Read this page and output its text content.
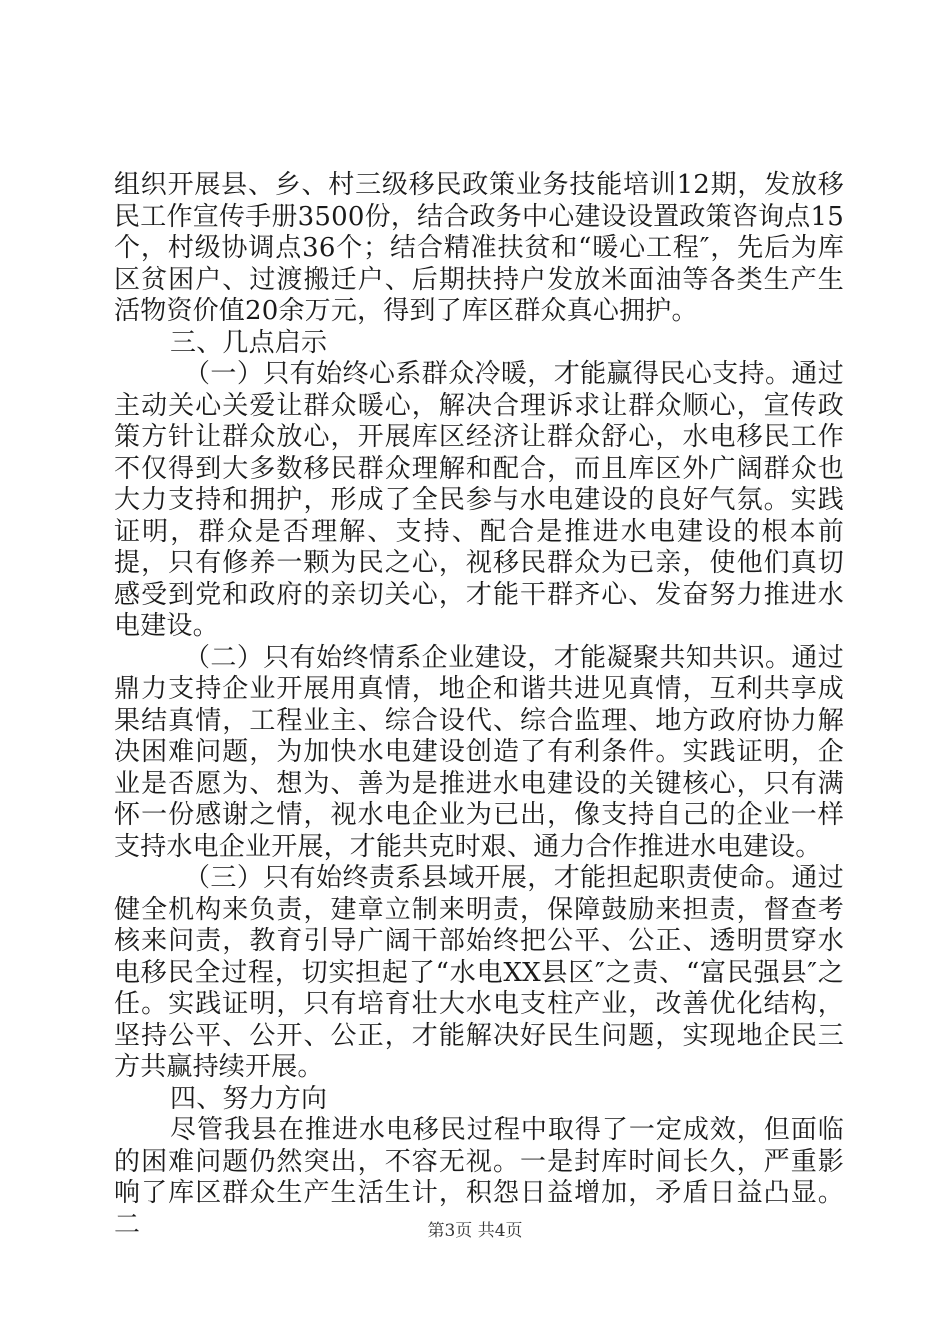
组织开展县、乡、村三级移民政策业务技能培训12期，发放移民工作宣传手册3500份，结合政务中心建设设置政策咨询点15个，村级协调点36个；结合精准扶贫和“暖心工程″，先后为库区贫困户、过渡搬迁户、后期扶持户发放米面油等各类生产生活物资价值20余万元，得到了库区群众真心拥护。

三、几点启示

（一）只有始终心系群众冷暖，才能赢得民心支持。通过主动关心关爱让群众暖心，解决合理诉求让群众顺心，宣传政策方针让群众放心，开展库区经济让群众舒心，水电移民工作不仅得到大多数移民群众理解和配合，而且库区外广阔群众也大力支持和拥护，形成了全民参与水电建设的良好气氛。实践证明，群众是否理解、支持、配合是推进水电建设的根本前提，只有修养一颗为民之心，视移民群众为已亲，使他们真切感受到党和政府的亲切关心，才能干群齐心、发奋努力推进水电建设。

（二）只有始终情系企业建设，才能凝聚共知共识。通过鼎力支持企业开展用真情，地企和谐共进见真情，互利共享成果结真情，工程业主、综合设代、综合监理、地方政府协力解决困难问题，为加快水电建设创造了有利条件。实践证明，企业是否愿为、想为、善为是推进水电建设的关键核心，只有满怀一份感谢之情，视水电企业为已出，像支持自己的企业一样支持水电企业开展，才能共克时艰、通力合作推进水电建设。

（三）只有始终责系县域开展，才能担起职责使命。通过健全机构来负责，建章立制来明责，保障鼓励来担责，督查考核来问责，教育引导广阔干部始终把公平、公正、透明贯穿水电移民全过程，切实担起了“水电XX县区″之责、“富民强县″之任。实践证明，只有培育壮大水电支柱产业，改善优化结构，坚持公平、公开、公正，才能解决好民生问题，实现地企民三方共赢持续开展。

四、努力方向

尽管我县在推进水电移民过程中取得了一定成效，但面临的困难问题仍然突出，不容无视。一是封库时间长久，严重影响了库区群众生产生活生计，积怨日益增加，矛盾日益凸显。二	第3页 共4页
